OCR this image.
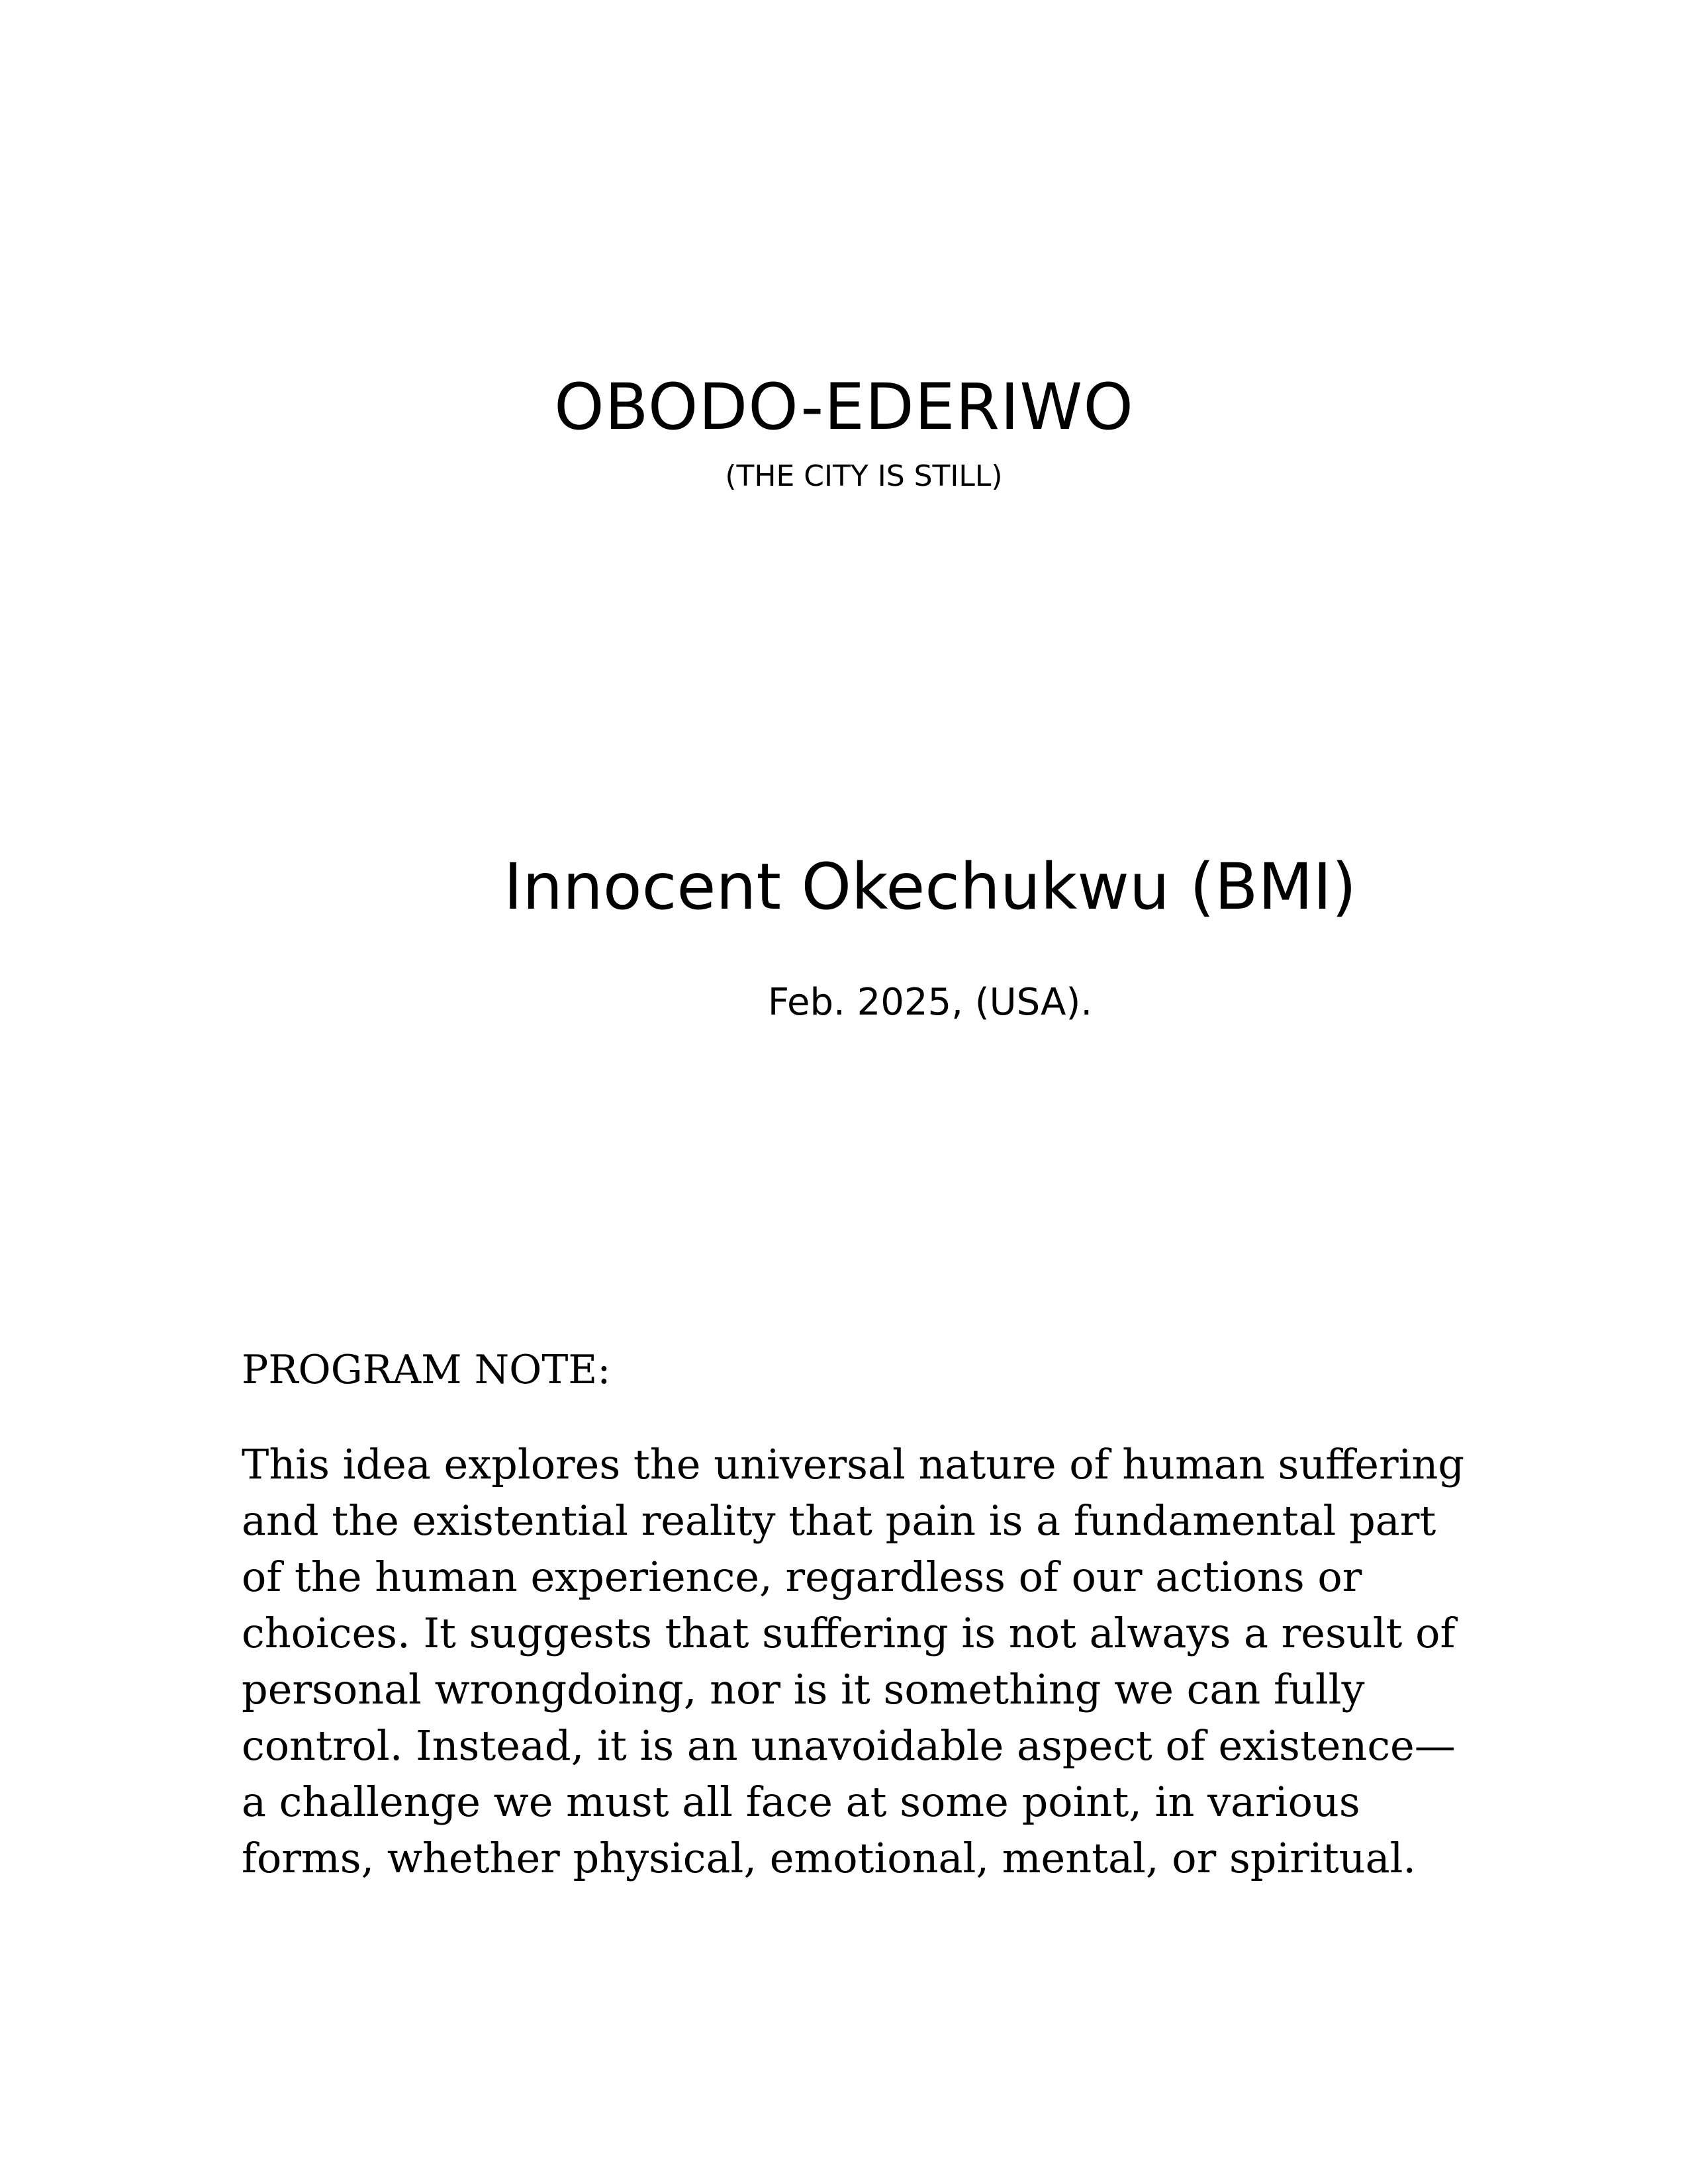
OBODO-EDERIWO

(THE CITY IS STILL)

Innocent Okechukwu (BMI)

Feb. 2025, (USA).

PROGRAM NOTE:

This idea explores the universal nature of human suffering and the existential reality that pain is a fundamental part of the human experience, regardless of our actions or choices. It suggests that suffering is not always a result of personal wrongdoing, nor is it something we can fully control. Instead, it is an unavoidable aspect of existence—a challenge we must all face at some point, in various forms, whether physical, emotional, mental, or spiritual.
